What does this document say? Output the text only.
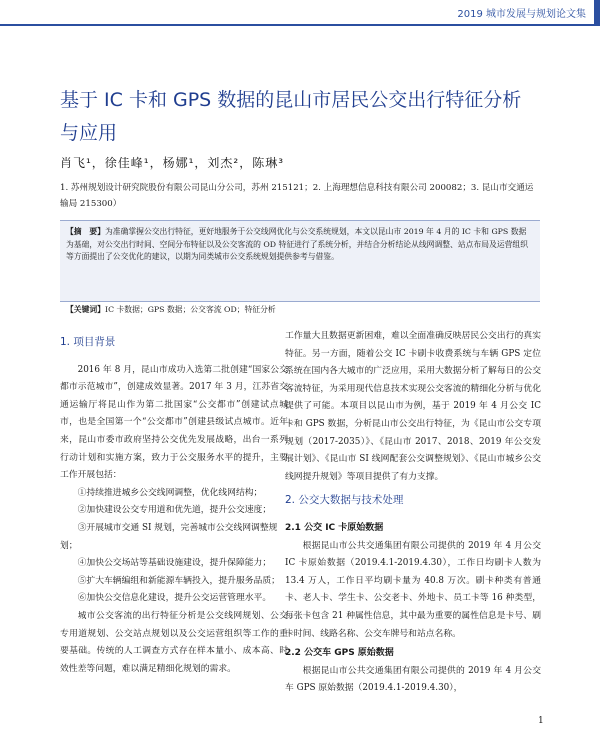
2019 城市发展与规划论文集
基于 IC 卡和 GPS 数据的昆山市居民公交出行特征分析与应用
肖飞¹，徐佳峰¹，杨娜¹，刘杰²，陈琳³
1. 苏州规划设计研究院股份有限公司昆山分公司，苏州 215121；2. 上海理想信息科技有限公司 200082；3. 昆山市交通运输局 215300）
【摘　要】为准确掌握公交出行特征，更好地服务于公交线网优化与公交系统规划，本文以昆山市 2019 年 4 月的 IC 卡和 GPS 数据为基础，对公交出行时间、空间分布特征以及公交客流的 OD 特征进行了系统分析，并结合分析结论从线网调整、站点布局及运营组织等方面提出了公交优化的建议，以期为同类城市公交系统规划提供参考与借鉴。
【关键词】IC 卡数据；GPS 数据；公交客流 OD；特征分析
1. 项目背景

2016 年 8 月，昆山市成功入选第二批创建“国家公交都市示范城市”，创建成效显著。2017 年 3 月，江苏省交通运输厅将昆山作为第二批国家“公交都市”创建试点城市，也是全国第一个“公交都市”创建县级试点城市。近年来，昆山市委市政府坚持公交优先发展战略，出台一系列行动计划和实施方案，致力于公交服务水平的提升，主要工作开展包括：

①持续推进城乡公交线网调整，优化线网结构；

②加快建设公交专用道和优先道，提升公交速度；

③开展城市交通 SI 规划，完善城市公交线网调整规划；

④加快公交场站等基础设施建设，提升保障能力；

⑤扩大车辆编组和新能源车辆投入，提升服务品质；

⑥加快公交信息化建设，提升公交运营管理水平。

城市公交客流的出行特征分析是公交线网规划、公交专用道规划、公交站点规划以及公交运营组织等工作的重要基础。传统的人工调查方式存在样本量小、成本高、时效性差等问题，难以满足精细化规划的需求。

工作量大且数据更新困难，难以全面准确反映居民公交出行的真实特征。另一方面，随着公交 IC 卡刷卡收费系统与车辆 GPS 定位系统在国内各大城市的广泛应用，采用大数据分析了解每日的公交客流特征，为采用现代信息技术实现公交客流的精细化分析与优化提供了可能。本项目以昆山市为例，基于 2019 年 4 月公交 IC 卡和 GPS 数据，分析昆山市公交出行特征，为《昆山市公交专项规划（2017-2035）》、《昆山市 2017、2018、2019 年公交发展计划》、《昆山市 SI 线网配套公交调整规划》、《昆山市城乡公交线网提升规划》等项目提供了有力支撑。

2. 公交大数据与技术处理
2.1 公交 IC 卡原始数据

根据昆山市公共交通集团有限公司提供的 2019 年 4 月公交 IC 卡原始数据（2019.4.1-2019.4.30），工作日均刷卡人数为 13.4 万人，工作日平均刷卡量为 40.8 万次。刷卡种类有普通卡、老人卡、学生卡、公交老卡、外地卡、员工卡等 16 种类型，每张卡包含 21 种属性信息，其中最为重要的属性信息是卡号、刷卡时间、线路名称、公交车牌号和站点名称。

2.2 公交车 GPS 原始数据

根据昆山市公共交通集团有限公司提供的 2019 年 4 月公交车 GPS 原始数据（2019.4.1-2019.4.30），

1
